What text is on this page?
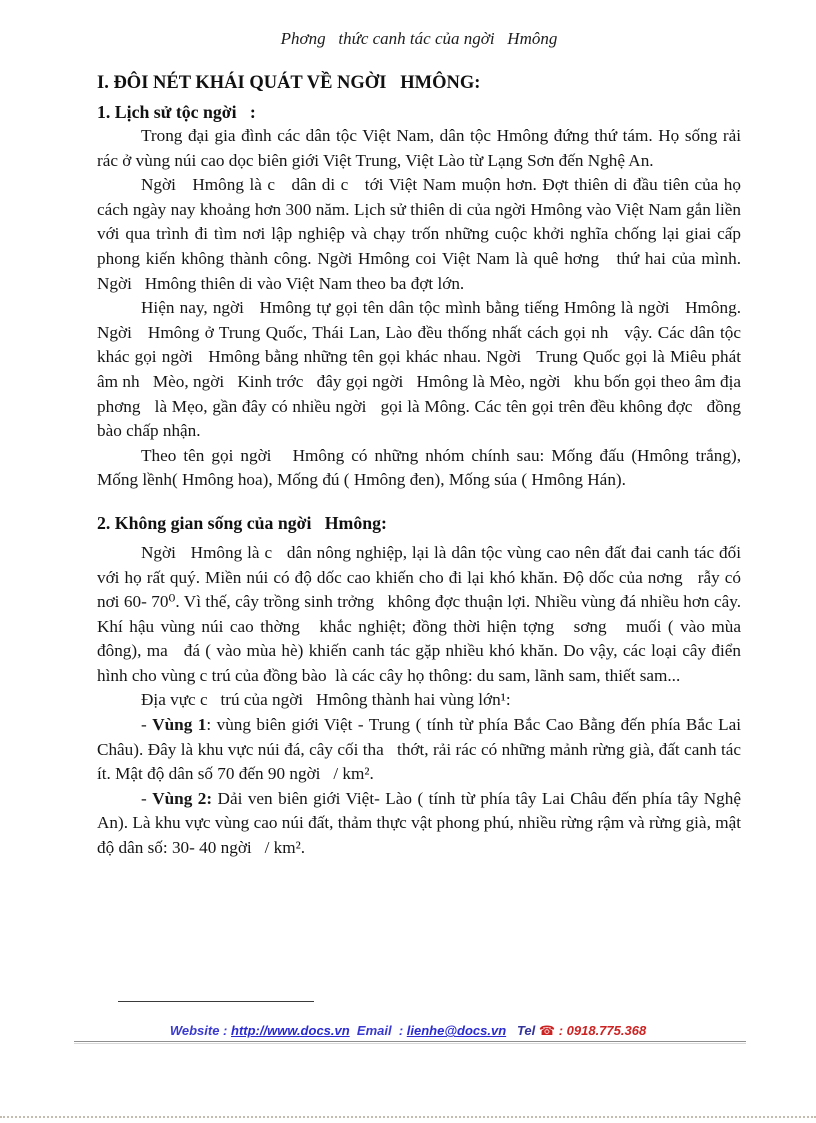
Phơng   thức canh tác của ngời   Hmông
I. ĐÔI NÉT KHÁI QUÁT VỀ NGỜI   HMÔNG:
1. Lịch sử tộc ngời   :

Trong đại gia đình các dân tộc Việt Nam, dân tộc Hmông đứng thứ tám. Họ sống rải rác ở vùng núi cao dọc biên giới Việt Trung, Việt Lào từ Lạng Sơn đến Nghệ An.

Ngời   Hmông là c   dân di c   tới Việt Nam muộn hơn. Đợt thiên di đầu tiên của họ cách ngày nay khoảng hơn 300 năm. Lịch sử thiên di của ngời Hmông vào Việt Nam gắn liền với qua trình đi tìm nơi lập nghiệp và chạy trốn những cuộc khởi nghĩa chống lại giai cấp phong kiến không thành công. Ngời Hmông coi Việt Nam là quê hơng   thứ hai của mình. Ngời   Hmông thiên di vào Việt Nam theo ba đợt lớn.

Hiện nay, ngời   Hmông tự gọi tên dân tộc mình bằng tiếng Hmông là ngời   Hmông. Ngời   Hmông ở Trung Quốc, Thái Lan, Lào đều thống nhất cách gọi nh   vậy. Các dân tộc khác gọi ngời   Hmông bằng những tên gọi khác nhau. Ngời   Trung Quốc gọi là Miêu phát âm nh   Mèo, ngời   Kinh trớc   đây gọi ngời   Hmông là Mèo, ngời   khu bốn gọi theo âm địa phơng   là Mẹo, gần đây có nhiều ngời   gọi là Mông. Các tên gọi trên đều không đợc   đồng bào chấp nhận.

Theo tên gọi ngời   Hmông có những nhóm chính sau: Mống đấu (Hmông trắng), Mống lềnh( Hmông hoa), Mống đú ( Hmông đen), Mống súa ( Hmông Hán).

2. Không gian sống của ngời   Hmông:

Ngời   Hmông là c   dân nông nghiệp, lại là dân tộc vùng cao nên đất đai canh tác đối với họ rất quý. Miền núi có độ dốc cao khiến cho đi lại khó khăn. Độ dốc của nơng   rẫy có nơi 60- 70⁰. Vì thế, cây trồng sinh trởng   không đợc thuận lợi. Nhiều vùng đá nhiều hơn cây. Khí hậu vùng núi cao thờng   khắc nghiệt; đồng thời hiện tợng   sơng   muối ( vào mùa đông), ma   đá ( vào mùa hè) khiến canh tác gặp nhiều khó khăn. Do vậy, các loại cây điển hình cho vùng c trú của đồng bào  là các cây họ thông: du sam, lãnh sam, thiết sam...

Địa vực c   trú của ngời   Hmông thành hai vùng lớn¹:

- Vùng 1: vùng biên giới Việt - Trung ( tính từ phía Bắc Cao Bằng đến phía Bắc Lai Châu). Đây là khu vực núi đá, cây cối tha   thớt, rải rác có những mảnh rừng già, đất canh tác ít. Mật độ dân số 70 đến 90 ngời   / km².

- Vùng 2: Dải ven biên giới Việt- Lào ( tính từ phía tây Lai Châu đến phía tây Nghệ An). Là khu vực vùng cao núi đất, thảm thực vật phong phú, nhiều rừng rậm và rừng già, mật độ dân số: 30- 40 ngời   / km².

Website : http://www.docs.vn  Email  : lienhe@docs.vn   Tel ☎ : 0918.775.368
